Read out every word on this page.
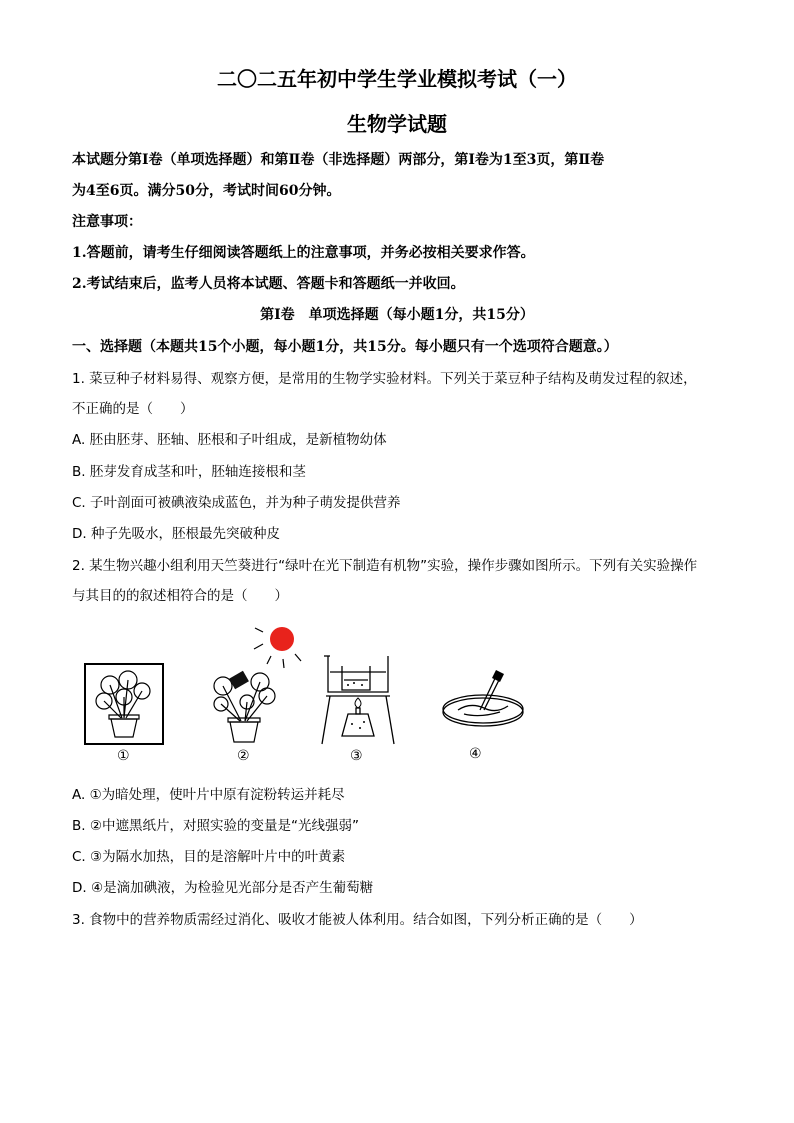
二〇二五年初中学生学业模拟考试（一）
生物学试题
本试题分第Ⅰ卷（单项选择题）和第Ⅱ卷（非选择题）两部分，第Ⅰ卷为1至3页，第Ⅱ卷
为4至6页。满分50分，考试时间60分钟。
注意事项：
1.答题前，请考生仔细阅读答题纸上的注意事项，并务必按相关要求作答。
2.考试结束后，监考人员将本试题、答题卡和答题纸一并收回。
第Ⅰ卷　单项选择题（每小题1分，共15分）
一、选择题（本题共15个小题，每小题1分，共15分。每小题只有一个选项符合题意。）
1. 菜豆种子材料易得、观察方便，是常用的生物学实验材料。下列关于菜豆种子结构及萌发过程的叙述，
不正确的是（　　）
A. 胚由胚芽、胚轴、胚根和子叶组成，是新植物幼体
B. 胚芽发育成茎和叶，胚轴连接根和茎
C. 子叶剖面可被碘液染成蓝色，并为种子萌发提供营养
D. 种子先吸水，胚根最先突破种皮
2. 某生物兴趣小组利用天竺葵进行“绿叶在光下制造有机物”实验，操作步骤如图所示。下列有关实验操作
与其目的的叙述相符合的是（　　）
①	②	③	④
A. ①为暗处理，使叶片中原有淀粉转运并耗尽
B. ②中遮黑纸片，对照实验的变量是“光线强弱”
C. ③为隔水加热，目的是溶解叶片中的叶黄素
D. ④是滴加碘液，为检验见光部分是否产生葡萄糖
3. 食物中的营养物质需经过消化、吸收才能被人体利用。结合如图，下列分析正确的是（　　）
